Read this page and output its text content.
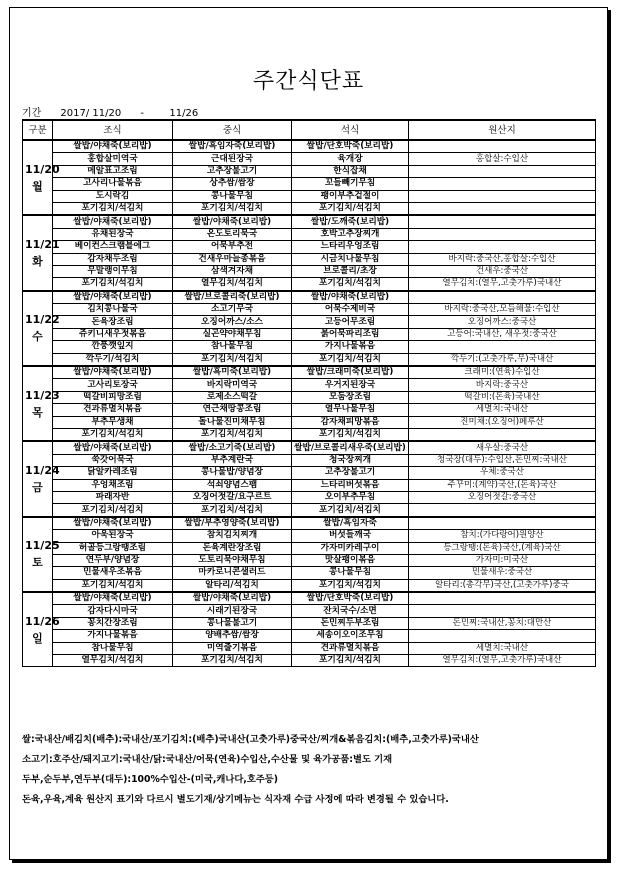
주간식단표
기간 2017/ 11/20 -	11/26
구분	조식	중식	석식	원산지

11/20
월	쌀밥/야채죽(보리밥)	쌀밥/흑임자죽(보리밥)	쌀밥/단호박죽(보리밥)	
	홍합살미역국	근대된장국	육개장	홍합살:수입산
	메알표고조림	고추장불고기	한식잡채	
	고사리나물볶음	상추쌈/쌈장	꼬들빼기무침	
	도시락김	콩나물무침	팽이부추겉절이	
	포기김치/석김치	포기김치/석김치	포기김치/석김치	

11/21
화	쌀밥/야채죽(보리밥)	쌀밥/야채죽(보리밥)	쌀밥/도깨죽(보리밥)	
	유채된장국	온도토리묵국	호박고추장찌개	
	베이컨스크램블에그	어묵부추전	느타리우엉조림	
	감자채두조림	건새우마늘종볶음	시금치나물무침	바지락:중국산,홍합살:수입산
	무말랭이무침	삼색겨자채	브로콜리/초장	건새우:중국산
	포기김치/석김치	열무김치/석김치	포기김치/석김치	열무김치:(열무,고춧가루)국내산

11/22
수	쌀밥/야채죽(보리밥)	쌀밥/브로콜리죽(보리밥)	쌀밥/야채죽(보리밥)	
	김치콩나물국	소고기무국	어묵수제비국	바지락:중국산,모듬해물:수입산
	돈육장조림	오징어까스/소스	고등어무조림	오징어까스:중국산
	쥬키니새우젓볶음	실곤약야채무침	붉어묵파리조림	고등어:국내산, 새우젓:중국산
	깐풍깻잎지	참나물무침	가지나물볶음	
	깍두기/석김치	포기김치/석김치	포기김치/석김치	깍두기:(고춧가루,무)국내산

11/23
목	쌀밥/야채죽(보리밥)	쌀밥/흑미죽(보리밥)	쌀밥/크래미죽(보리밥)	크래미:(연육)수입산
	고사리토장국	바지락미역국	우거지된장국	바지락:중국산
	떡갈비피망조림	로제소스떡갈	모둠장조림	떡갈비:(돈육)국내산
	견과류멸치볶음	연근채땅콩조림	열무나물무침	세멸치:국내산
	부추무생채	돌나물진미채무침	감자채피망볶음	진미채:(오징어)페루산
	포기김치/석김치	포기김치/석김치	포기김치/석김치	

11/24
금	쌀밥/야채죽(보리밥)	쌀밥/소고기죽(보리밥)	쌀밥/브로콜리새우죽(보리밥)	새우살:중국산
	쑥갓어묵국	부추계란국	청국장찌개	청국장(대두):수입산,돈민찌:국내산
	닭알카레조림	콩나물밥/양념장	고추장불고기	우체:중국산
	우엉채조림	석쇠양념스팸	느타리버섯볶음	주꾸미:(계약)국산,(돈육)국산
	파래자반	오징어젓갈/요구르트	오이부추무침	오징어젓갈:중국산
	포기김치/석김치	포기김치/석김치	포기김치/석김치	

11/25
토	쌀밥/야채죽(보리밥)	쌀밥/부추영양죽(보리밥)	쌀밥/흑임자죽	
	아욱된장국	참치김치찌개	버섯들깨국	참치:(가다랑어)원양산
	허골등그랑땡조림	돈육계란장조림	가자미카레구이	등그랑땡:(돈육)국산,(계육)국산
	연두부/양념장	도토리묵야채무침	맛살팽이볶음	가자미:미국산
	민물새우조볶음	마카로니콘샐러드	콩나물무침	민물새우:중국산
	포기김치/석김치	알타리/석김치	포기김치/석김치	알타리:(총각무)국산,(고춧가루)중국

11/26
일	쌀밥/야채죽(보리밥)	쌀밥/야채죽(보리밥)	쌀밥/단호박죽(보리밥)	
	감자다시마국	시래기된장국	잔치국수/소면	
	꽁치간장조림	콩나물불고기	돈민찌두부조림	돈민찌:국내산,꽁치:대만산
	가지나물볶음	양배추쌈/쌈장	세송이오이조무침	
	참나물무침	미역줄기볶음	견과류멸치볶음	세멸치:국내산
	열무김치/석김치	포기김치/석김치	포기김치/석김치	열무김치:(열무,고춧가루)국내산
쌀:국내산/배김치(배추):국내산/포기김치:(배추)국내산(고춧가루)중국산/찌개&볶음김치:(배추,고춧가루)국내산
소고기:호주산/돼지고기:국내산/닭:국내산/어묵(연육)수입산,수산물 및 육가공품:별도 기재
두부,순두부,연두부(대두):100%수입산-(미국,캐나다,호주등)
돈육,우육,계육 원산지 표기와 다르시 별도기재/상기메뉴는 식자재 수급 사정에 따라 변경될 수 있습니다.
